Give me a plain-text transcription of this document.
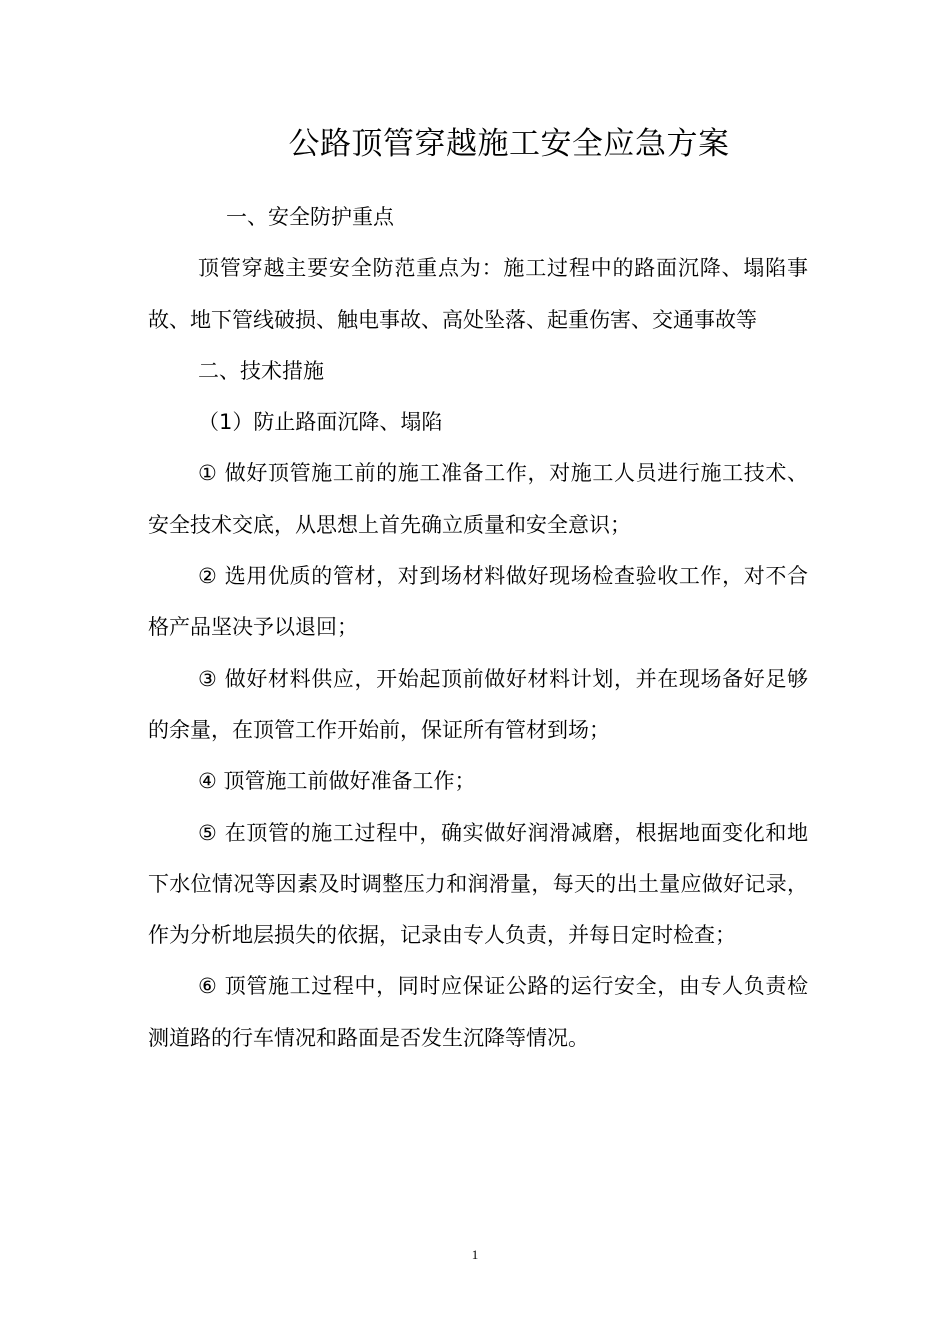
公路顶管穿越施工安全应急方案

一、安全防护重点

顶管穿越主要安全防范重点为：施工过程中的路面沉降、塌陷事故、地下管线破损、触电事故、高处坠落、起重伤害、交通事故等

二、技术措施

（1）防止路面沉降、塌陷

① 做好顶管施工前的施工准备工作，对施工人员进行施工技术、安全技术交底，从思想上首先确立质量和安全意识；

② 选用优质的管材，对到场材料做好现场检查验收工作，对不合格产品坚决予以退回；

③ 做好材料供应，开始起顶前做好材料计划，并在现场备好足够的余量，在顶管工作开始前，保证所有管材到场；

④ 顶管施工前做好准备工作；

⑤ 在顶管的施工过程中，确实做好润滑减磨，根据地面变化和地下水位情况等因素及时调整压力和润滑量，每天的出土量应做好记录，作为分析地层损失的依据，记录由专人负责，并每日定时检查；

⑥ 顶管施工过程中，同时应保证公路的运行安全，由专人负责检测道路的行车情况和路面是否发生沉降等情况。

1
